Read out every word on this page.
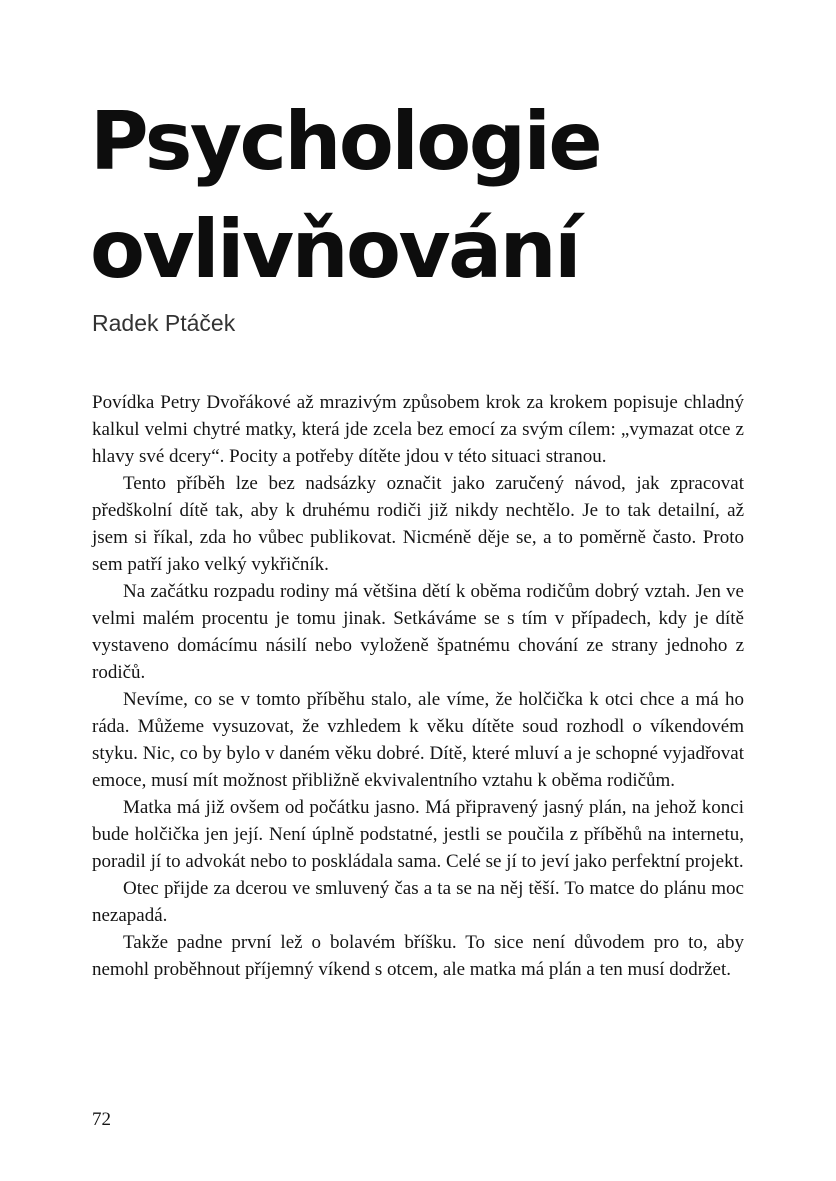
Psychologie
ovlivňování

Radek Ptáček

Povídka Petry Dvořákové až mrazivým způsobem krok za krokem popisuje chladný kalkul velmi chytré matky, která jde zcela bez emocí za svým cílem: „vymazat otce z hlavy své dcery“. Pocity a potřeby dítěte jdou v této situaci stranou.

Tento příběh lze bez nadsázky označit jako zaručený návod, jak zpracovat předškolní dítě tak, aby k druhému rodiči již nikdy nechtělo. Je to tak detailní, až jsem si říkal, zda ho vůbec publikovat. Nicméně děje se, a to poměrně často. Proto sem patří jako velký vykřičník.

Na začátku rozpadu rodiny má většina dětí k oběma rodičům dobrý vztah. Jen ve velmi malém procentu je tomu jinak. Setkáváme se s tím v případech, kdy je dítě vystaveno domácímu násilí nebo vyloženě špatnému chování ze strany jednoho z rodičů.

Nevíme, co se v tomto příběhu stalo, ale víme, že holčička k otci chce a má ho ráda. Můžeme vysuzovat, že vzhledem k věku dítěte soud rozhodl o víkendovém styku. Nic, co by bylo v daném věku dobré. Dítě, které mluví a je schopné vyjadřovat emoce, musí mít možnost přibližně ekvivalentního vztahu k oběma rodičům.

Matka má již ovšem od počátku jasno. Má připravený jasný plán, na jehož konci bude holčička jen její. Není úplně podstatné, jestli se poučila z příběhů na internetu, poradil jí to advokát nebo to poskládala sama. Celé se jí to jeví jako perfektní projekt.

Otec přijde za dcerou ve smluvený čas a ta se na něj těší. To matce do plánu moc nezapadá.

Takže padne první lež o bolavém bříšku. To sice není důvodem pro to, aby nemohl proběhnout příjemný víkend s otcem, ale matka má plán a ten musí dodržet.

72
